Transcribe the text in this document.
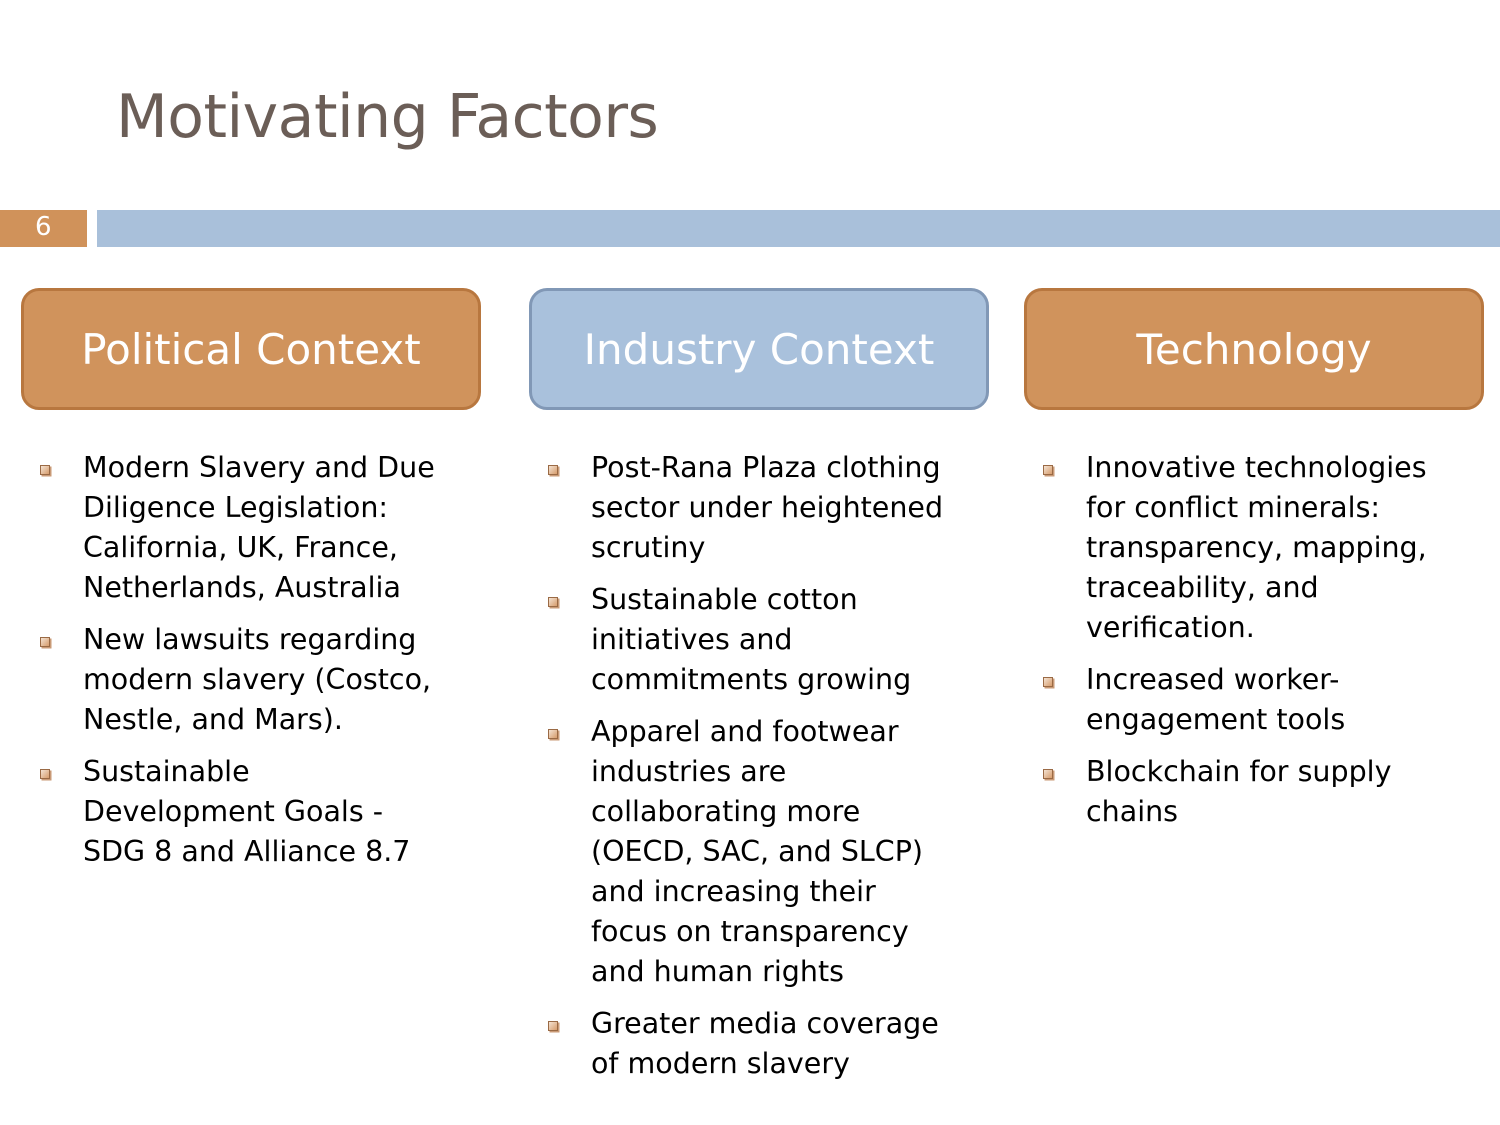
Motivating Factors
6
Political Context
Modern Slavery and Due Diligence Legislation: California, UK, France, Netherlands, Australia
New lawsuits regarding modern slavery (Costco, Nestle, and Mars).
Sustainable Development Goals - SDG 8 and Alliance 8.7
Industry Context
Post-Rana Plaza clothing sector under heightened scrutiny
Sustainable cotton initiatives and commitments growing
Apparel and footwear industries are collaborating more (OECD, SAC, and SLCP) and increasing their focus on transparency and human rights
Greater media coverage of modern slavery
Technology
Innovative technologies for conflict minerals: transparency, mapping, traceability, and verification.
Increased worker-engagement tools
Blockchain for supply chains
